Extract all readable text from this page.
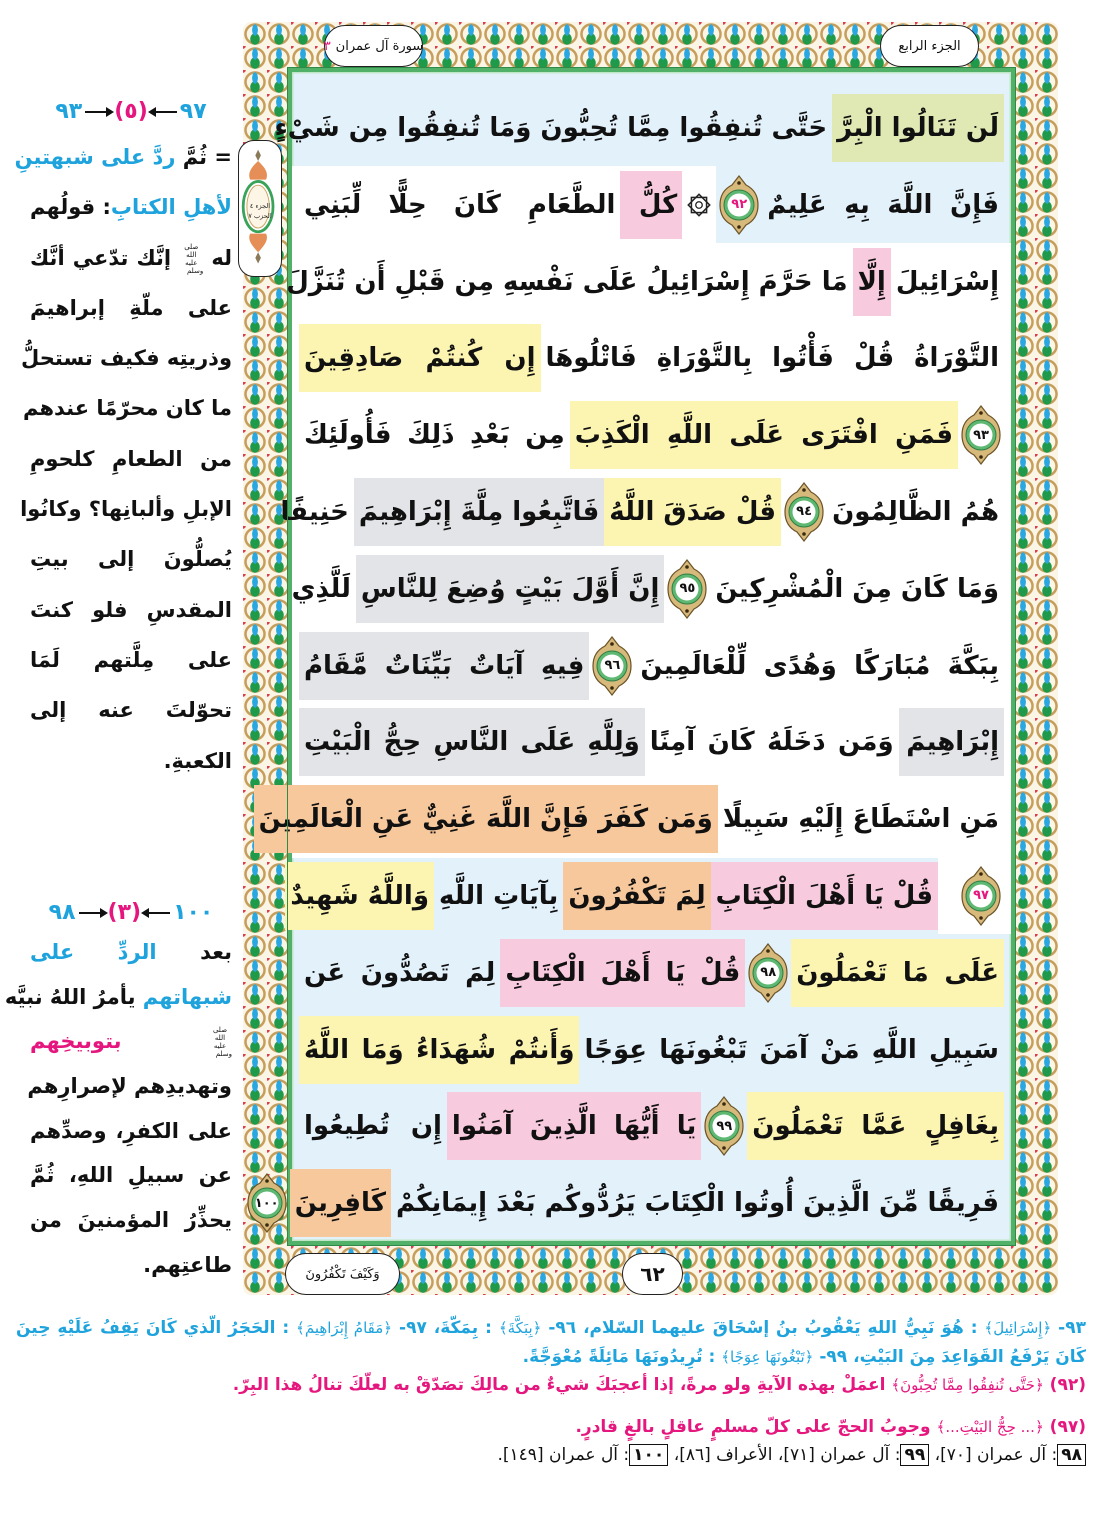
٩٧(٥)٩٣
= ثُمَّ ردَّ على شبهتينِ
لأهلِ الكتابِ: قولُهم
له صلى الله عليه وسلم إنَّك تدّعي أنَّك
على ملّةِ إبراهيمَ
وذريتِه فكيف تستحلُّ
ما كان محرّمًا عندهم
من الطعامِ كلحومِ
الإبلِ وألبانِها؟ وكانُوا
يُصلُّونَ إلى بيتِ
المقدسِ فلو كنتَ
على مِلَّتهم لَمَا
تحوّلتَ عنه إلى
الكعبةِ.
١٠٠(٣)٩٨
بعد الردِّ على
شبهاتهم يأمرُ اللهُ نبيَّه
صلى الله عليه وسلم بتوبيخِهم
وتهديدِهم لإصرارِهم
على الكفرِ، وصدِّهم
عن سبيلِ اللهِ، ثُمَّ
يحذِّرُ المؤمنينَ من
طاعتِهم.
سورة آل عمران
٣	الجزء الرابع
الجزء ٤
الحزب ٧
لَن تَنَالُوا الْبِرَّ
حَتَّى تُنفِقُوا مِمَّا تُحِبُّونَ وَمَا تُنفِقُوا مِن شَيْءٍ
فَإِنَّ اللَّهَ بِهِ عَلِيمٌ
٩٢
كُلُّ
الطَّعَامِ كَانَ حِلًّا لِّبَنِي
إِسْرَائِيلَ
إِلَّا
مَا حَرَّمَ إِسْرَائِيلُ عَلَى نَفْسِهِ مِن قَبْلِ أَن تُنَزَّلَ
التَّوْرَاةُ قُلْ فَأْتُوا بِالتَّوْرَاةِ فَاتْلُوهَا
إِن كُنتُمْ صَادِقِينَ
٩٣
فَمَنِ افْتَرَى عَلَى اللَّهِ الْكَذِبَ
مِن بَعْدِ ذَلِكَ فَأُولَئِكَ
هُمُ الظَّالِمُونَ
٩٤
قُلْ صَدَقَ اللَّهُ
فَاتَّبِعُوا مِلَّةَ إِبْرَاهِيمَ
حَنِيفًا
وَمَا كَانَ مِنَ الْمُشْرِكِينَ
٩٥
إِنَّ أَوَّلَ بَيْتٍ وُضِعَ لِلنَّاسِ
لَلَّذِي
بِبَكَّةَ مُبَارَكًا وَهُدًى لِّلْعَالَمِينَ
٩٦
فِيهِ آيَاتٌ بَيِّنَاتٌ مَّقَامُ
إِبْرَاهِيمَ
وَمَن دَخَلَهُ كَانَ آمِنًا
وَلِلَّهِ عَلَى النَّاسِ حِجُّ الْبَيْتِ
مَنِ اسْتَطَاعَ إِلَيْهِ سَبِيلًا
وَمَن كَفَرَ فَإِنَّ اللَّهَ غَنِيٌّ عَنِ الْعَالَمِينَ
٩٧
قُلْ يَا أَهْلَ الْكِتَابِ
لِمَ تَكْفُرُونَ
بِآيَاتِ اللَّهِ
وَاللَّهُ شَهِيدٌ
عَلَى مَا تَعْمَلُونَ
٩٨
قُلْ يَا أَهْلَ الْكِتَابِ
لِمَ تَصُدُّونَ عَن
سَبِيلِ اللَّهِ مَنْ آمَنَ تَبْغُونَهَا عِوَجًا
وَأَنتُمْ شُهَدَاءُ وَمَا اللَّهُ
بِغَافِلٍ عَمَّا تَعْمَلُونَ
٩٩
يَا أَيُّهَا الَّذِينَ آمَنُوا
إِن تُطِيعُوا
فَرِيقًا مِّنَ الَّذِينَ أُوتُوا الْكِتَابَ يَرُدُّوكُم بَعْدَ إِيمَانِكُمْ
كَافِرِينَ
١٠٠
وَكَيْفَ تَكْفُرُونَ	٦٢
٩٣- ﴿إِسْرَائِيلَ﴾ : هُوَ نَبِيُّ اللهِ يَعْقُوبُ بنُ إسْحَاقَ عليهما السّلام، ٩٦- ﴿بِبَكَّةَ﴾ : بِمَكّةَ، ٩٧- ﴿مَقَامُ إِبْرَاهِيمَ﴾ : الحَجَرُ الّذي كَانَ يَقِفُ عَلَيْهِ حِينَ
كَانَ يَرْفَعُ القَوَاعِدَ مِنَ البَيْتِ، ٩٩- ﴿تَبْغُونَهَا عِوَجًا﴾ : تُرِيدُونَهَا مَائِلَةً مُعْوَجَّةً.
(٩٢) ﴿حَتَّى تُنفِقُوا مِمَّا تُحِبُّونَ﴾ اعمَلْ بهذه الآيةِ ولو مرةً، إذا أعجبَكَ شيءٌ من مالِكَ تصَدّقْ به لعلّكَ تنالُ هذا البِرّ.
(٩٧) ﴿... حِجُّ البَيْتِ...﴾ وجوبُ الحجّ على كلّ مسلمٍ عاقلٍ بالغٍ قادرٍ.
٩٨: آل عمران [٧٠]، ٩٩: آل عمران [٧١]، الأعراف [٨٦]، ١٠٠: آل عمران [١٤٩].
